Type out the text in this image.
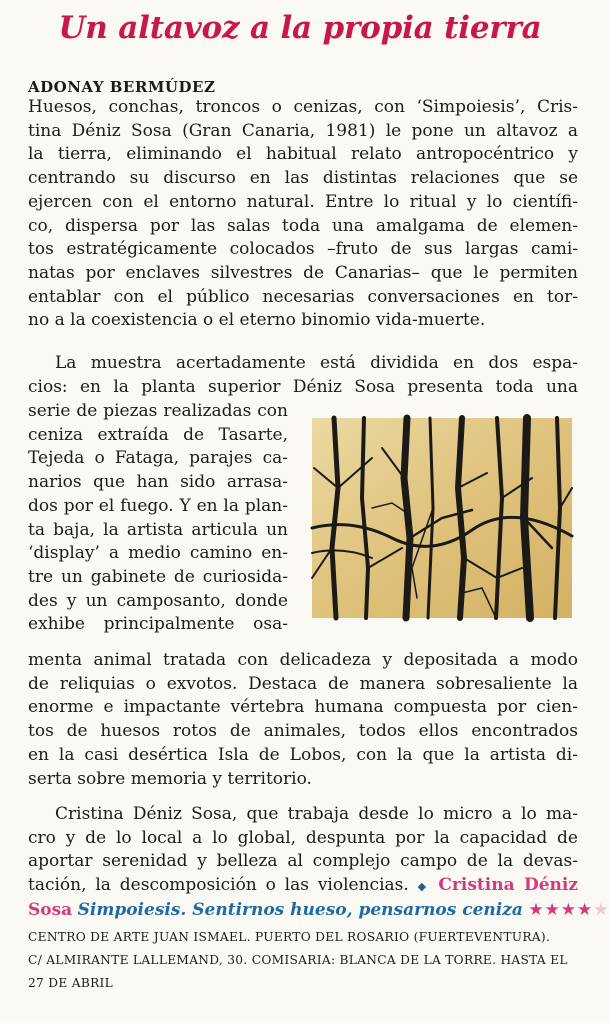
Un altavoz a la propia tierra
ADONAY BERMÚDEZ
Huesos, conchas, troncos o cenizas, con ‘Simpoiesis’, Cris-
tina Déniz Sosa (Gran Canaria, 1981) le pone un altavoz a
la tierra, eliminando el habitual relato antropocéntrico y
centrando su discurso en las distintas relaciones que se
ejercen con el entorno natural. Entre lo ritual y lo científi-
co, dispersa por las salas toda una amalgama de elemen-
tos estratégicamente colocados –fruto de sus largas cami-
natas por enclaves silvestres de Canarias– que le permiten
entablar con el público necesarias conversaciones en tor-
no a la coexistencia o el eterno binomio vida-muerte.
La muestra acertadamente está dividida en dos espa-
cios: en la planta superior Déniz Sosa presenta toda una
serie de piezas realizadas con
ceniza extraída de Tasarte,
Tejeda o Fataga, parajes ca-
narios que han sido arrasa-
dos por el fuego. Y en la plan-
ta baja, la artista articula un
‘display’ a medio camino en-
tre un gabinete de curiosida-
des y un camposanto, donde
exhibe principalmente osa-
menta animal tratada con delicadeza y depositada a modo
de reliquias o exvotos. Destaca de manera sobresaliente la
enorme e impactante vértebra humana compuesta por cien-
tos de huesos rotos de animales, todos ellos encontrados
en la casi desértica Isla de Lobos, con la que la artista di-
serta sobre memoria y territorio.
Cristina Déniz Sosa, que trabaja desde lo micro a lo ma-
cro y de lo local a lo global, despunta por la capacidad de
aportar serenidad y belleza al complejo campo de la devas-
tación, la descomposición o las violencias. ◆ Cristina Déniz
Sosa Simpoiesis. Sentirnos hueso, pensarnos ceniza ★★★★★
CENTRO DE ARTE JUAN ISMAEL. PUERTO DEL ROSARIO (FUERTEVENTURA).
C/ ALMIRANTE LALLEMAND, 30. COMISARIA: BLANCA DE LA TORRE. HASTA EL
27 DE ABRIL
